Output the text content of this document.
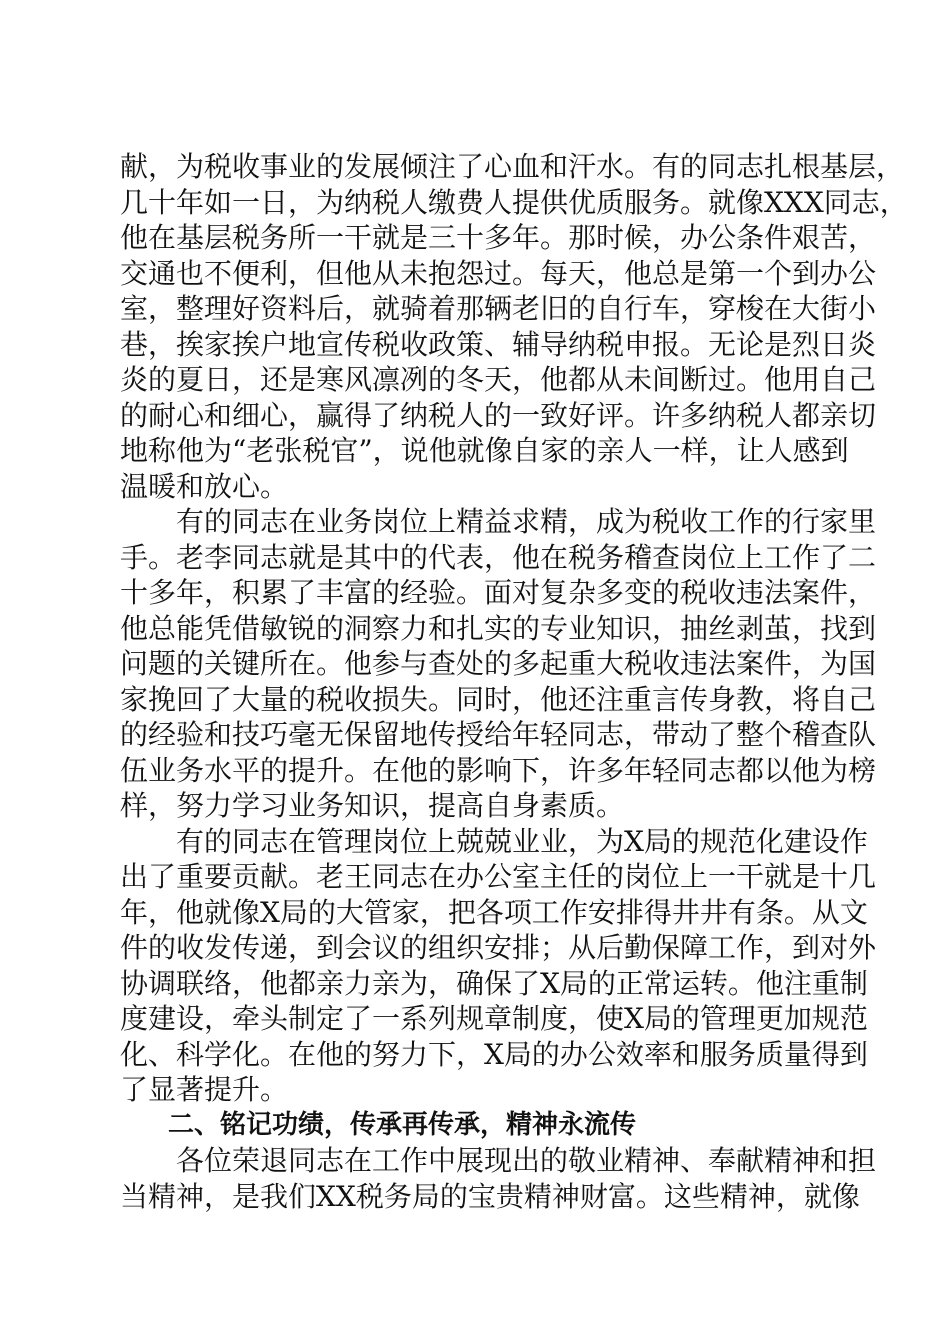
献，为税收事业的发展倾注了心血和汗水。有的同志扎根基层，
几十年如一日，为纳税人缴费人提供优质服务。就像XXX同志，
他在基层税务所一干就是三十多年。那时候，办公条件艰苦，
交通也不便利，但他从未抱怨过。每天，他总是第一个到办公
室，整理好资料后，就骑着那辆老旧的自行车，穿梭在大街小
巷，挨家挨户地宣传税收政策、辅导纳税申报。无论是烈日炎
炎的夏日，还是寒风凛冽的冬天，他都从未间断过。他用自己
的耐心和细心，赢得了纳税人的一致好评。许多纳税人都亲切
地称他为“老张税官”，说他就像自家的亲人一样，让人感到
温暖和放心。
有的同志在业务岗位上精益求精，成为税收工作的行家里
手。老李同志就是其中的代表，他在税务稽查岗位上工作了二
十多年，积累了丰富的经验。面对复杂多变的税收违法案件，
他总能凭借敏锐的洞察力和扎实的专业知识，抽丝剥茧，找到
问题的关键所在。他参与查处的多起重大税收违法案件，为国
家挽回了大量的税收损失。同时，他还注重言传身教，将自己
的经验和技巧毫无保留地传授给年轻同志，带动了整个稽查队
伍业务水平的提升。在他的影响下，许多年轻同志都以他为榜
样，努力学习业务知识，提高自身素质。
有的同志在管理岗位上兢兢业业，为X局的规范化建设作
出了重要贡献。老王同志在办公室主任的岗位上一干就是十几
年，他就像X局的大管家，把各项工作安排得井井有条。从文
件的收发传递，到会议的组织安排；从后勤保障工作，到对外
协调联络，他都亲力亲为，确保了X局的正常运转。他注重制
度建设，牵头制定了一系列规章制度，使X局的管理更加规范
化、科学化。在他的努力下，X局的办公效率和服务质量得到
了显著提升。
二、铭记功绩，传承再传承，精神永流传
各位荣退同志在工作中展现出的敬业精神、奉献精神和担
当精神，是我们XX税务局的宝贵精神财富。这些精神，就像
